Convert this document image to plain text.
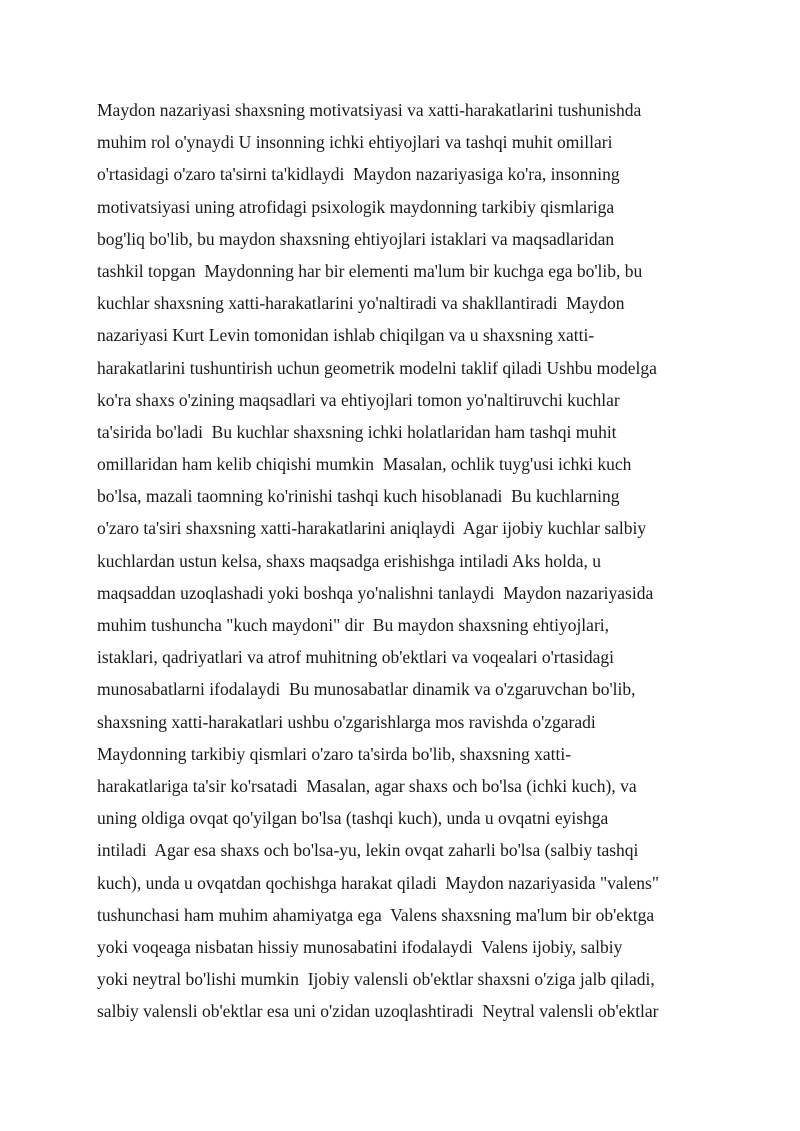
Maydon nazariyasi shaxsning motivatsiyasi va xatti-harakatlarini tushunishda
muhim rol o'ynaydi U insonning ichki ehtiyojlari va tashqi muhit omillari
o'rtasidagi o'zaro ta'sirni ta'kidlaydi  Maydon nazariyasiga ko'ra, insonning
motivatsiyasi uning atrofidagi psixologik maydonning tarkibiy qismlariga
bog'liq bo'lib, bu maydon shaxsning ehtiyojlari istaklari va maqsadlaridan
tashkil topgan  Maydonning har bir elementi ma'lum bir kuchga ega bo'lib, bu
kuchlar shaxsning xatti-harakatlarini yo'naltiradi va shakllantiradi  Maydon
nazariyasi Kurt Levin tomonidan ishlab chiqilgan va u shaxsning xatti-
harakatlarini tushuntirish uchun geometrik modelni taklif qiladi Ushbu modelga
ko'ra shaxs o'zining maqsadlari va ehtiyojlari tomon yo'naltiruvchi kuchlar
ta'sirida bo'ladi  Bu kuchlar shaxsning ichki holatlaridan ham tashqi muhit
omillaridan ham kelib chiqishi mumkin  Masalan, ochlik tuyg'usi ichki kuch
bo'lsa, mazali taomning ko'rinishi tashqi kuch hisoblanadi  Bu kuchlarning
o'zaro ta'siri shaxsning xatti-harakatlarini aniqlaydi  Agar ijobiy kuchlar salbiy
kuchlardan ustun kelsa, shaxs maqsadga erishishga intiladi Aks holda, u
maqsaddan uzoqlashadi yoki boshqa yo'nalishni tanlaydi  Maydon nazariyasida
muhim tushuncha "kuch maydoni" dir  Bu maydon shaxsning ehtiyojlari,
istaklari, qadriyatlari va atrof muhitning ob'ektlari va voqealari o'rtasidagi
munosabatlarni ifodalaydi  Bu munosabatlar dinamik va o'zgaruvchan bo'lib,
shaxsning xatti-harakatlari ushbu o'zgarishlarga mos ravishda o'zgaradi
Maydonning tarkibiy qismlari o'zaro ta'sirda bo'lib, shaxsning xatti-
harakatlariga ta'sir ko'rsatadi  Masalan, agar shaxs och bo'lsa (ichki kuch), va
uning oldiga ovqat qo'yilgan bo'lsa (tashqi kuch), unda u ovqatni eyishga
intiladi  Agar esa shaxs och bo'lsa-yu, lekin ovqat zaharli bo'lsa (salbiy tashqi
kuch), unda u ovqatdan qochishga harakat qiladi  Maydon nazariyasida "valens"
tushunchasi ham muhim ahamiyatga ega  Valens shaxsning ma'lum bir ob'ektga
yoki voqeaga nisbatan hissiy munosabatini ifodalaydi  Valens ijobiy, salbiy
yoki neytral bo'lishi mumkin  Ijobiy valensli ob'ektlar shaxsni o'ziga jalb qiladi,
salbiy valensli ob'ektlar esa uni o'zidan uzoqlashtiradi  Neytral valensli ob'ektlar
